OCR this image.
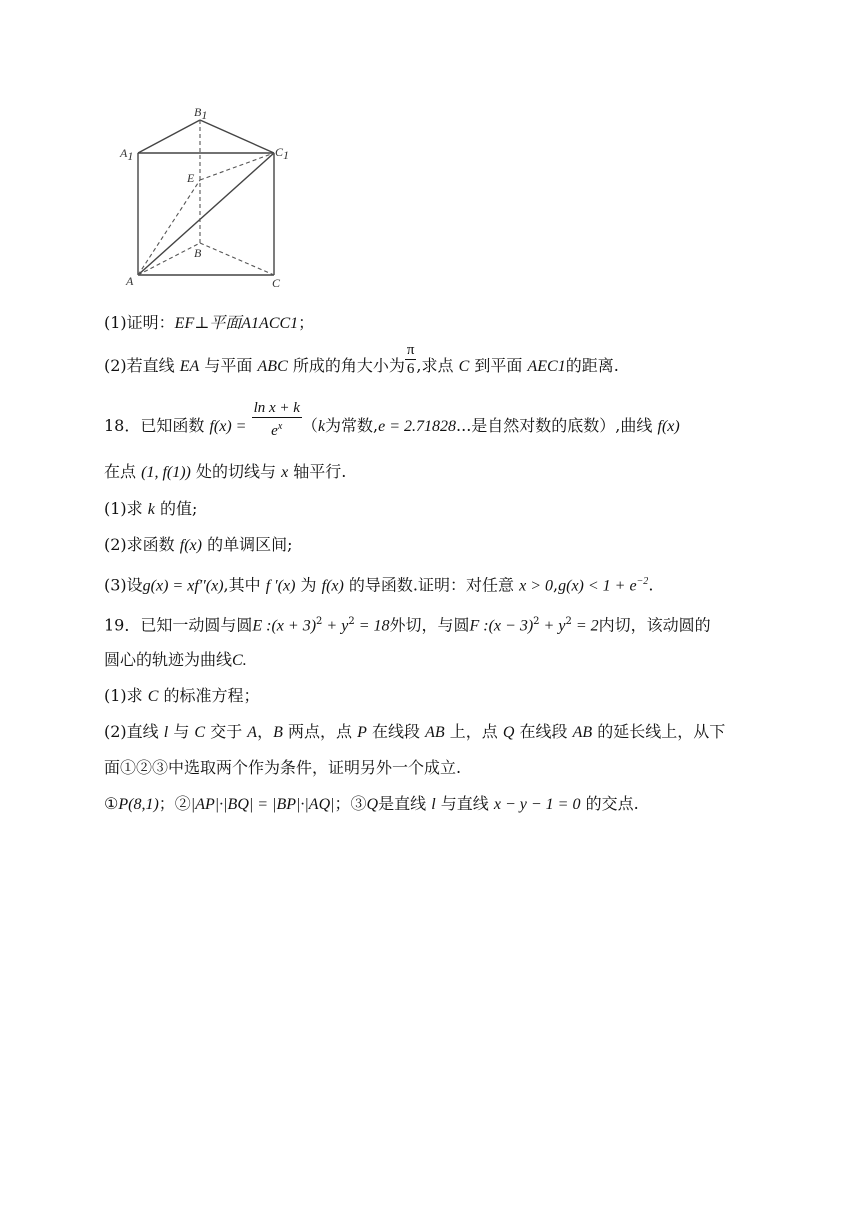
B1
A1	C1
E
B
A	C
(1)证明：EF⊥平面A1ACC1；
(2)若直线 EA 与平面 ABC 所成的角大小为 $\frac{\pi}{6}$ ,求点 C 到平面 AEC1的距离.
18．已知函数 $f(x) = \frac{\text{ln x + k}}{e^x} (k$为常数,e = 2.71828...是自然对数的底数）,曲线 f(x)
在点 (1, f(1)) 处的切线与 x 轴平行.
(1)求 k 的值;
(2)求函数 f(x) 的单调区间;
(3)设g(x) = xf′′(x),其中 f ′(x) 为 f(x) 的导函数.证明：对任意 $x > 0,g(x) < 1 + e^{-2}$.
19．已知一动圆与圆E :(x + $3)^2 + y^2 = 18$外切，与圆F :(x − $3)^2 + y^2 = 2$内切，该动圆的
圆心的轨迹为曲线C.
(1)求 C 的标准方程；
(2)直线 l 与 C 交于 A，B 两点，点 P 在线段 AB 上，点 Q 在线段 AB 的延长线上，从下
面①②③中选取两个作为条件，证明另外一个成立.
①P(8,1)；②|AP|·|BQ| = |BP|·|AQ|；③Q是直线 l 与直线 x − y − 1 = 0 的交点.
